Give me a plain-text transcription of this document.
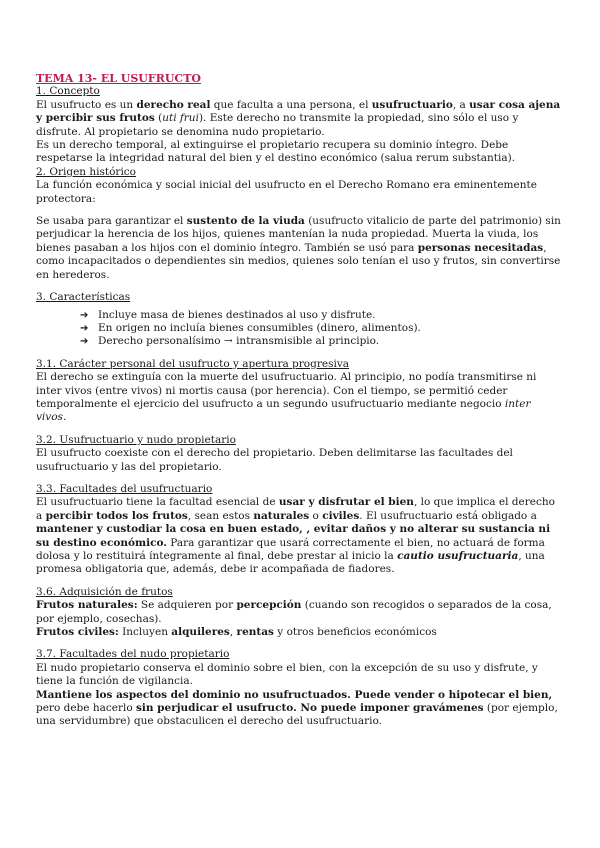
TEMA 13- EL USUFRUCTO

1. Concepto

El usufructo es un derecho real que faculta a una persona, el usufructuario, a usar cosa ajena y percibir sus frutos (uti frui). Este derecho no transmite la propiedad, sino sólo el uso y disfrute. Al propietario se denomina nudo propietario.

Es un derecho temporal, al extinguirse el propietario recupera su dominio íntegro. Debe respetarse la integridad natural del bien y el destino económico (salua rerum substantia).

2. Origen histórico

La función económica y social inicial del usufructo en el Derecho Romano era eminentemente protectora:

Se usaba para garantizar el sustento de la viuda (usufructo vitalicio de parte del patrimonio) sin perjudicar la herencia de los hijos, quienes mantenían la nuda propiedad. Muerta la viuda, los bienes pasaban a los hijos con el dominio íntegro. También se usó para personas necesitadas, como incapacitados o dependientes sin medios, quienes solo tenían el uso y frutos, sin convertirse en herederos.

3. Características

➔ Incluye masa de bienes destinados al uso y disfrute.
➔ En origen no incluía bienes consumibles (dinero, alimentos).
➔ Derecho personalísimo → intransmisible al principio.

3.1. Carácter personal del usufructo y apertura progresiva

El derecho se extinguía con la muerte del usufructuario. Al principio, no podía transmitirse ni inter vivos (entre vivos) ni mortis causa (por herencia). Con el tiempo, se permitió ceder temporalmente el ejercicio del usufructo a un segundo usufructuario mediante negocio inter vivos.

3.2. Usufructuario y nudo propietario

El usufructo coexiste con el derecho del propietario. Deben delimitarse las facultades del usufructuario y las del propietario.

3.3. Facultades del usufructuario

El usufructuario tiene la facultad esencial de usar y disfrutar el bien, lo que implica el derecho a percibir todos los frutos, sean estos naturales o civiles. El usufructuario está obligado a mantener y custodiar la cosa en buen estado, , evitar daños y no alterar su sustancia ni su destino económico. Para garantizar que usará correctamente el bien, no actuará de forma dolosa y lo restituirá íntegramente al final, debe prestar al inicio la cautio usufructuaria, una promesa obligatoria que, además, debe ir acompañada de fiadores.

3.6. Adquisición de frutos

Frutos naturales: Se adquieren por percepción (cuando son recogidos o separados de la cosa, por ejemplo, cosechas).

Frutos civiles: Incluyen alquileres, rentas y otros beneficios económicos

3.7. Facultades del nudo propietario

El nudo propietario conserva el dominio sobre el bien, con la excepción de su uso y disfrute, y tiene la función de vigilancia.

Mantiene los aspectos del dominio no usufructuados. Puede vender o hipotecar el bien, pero debe hacerlo sin perjudicar el usufructo. No puede imponer gravámenes (por ejemplo, una servidumbre) que obstaculicen el derecho del usufructuario.
